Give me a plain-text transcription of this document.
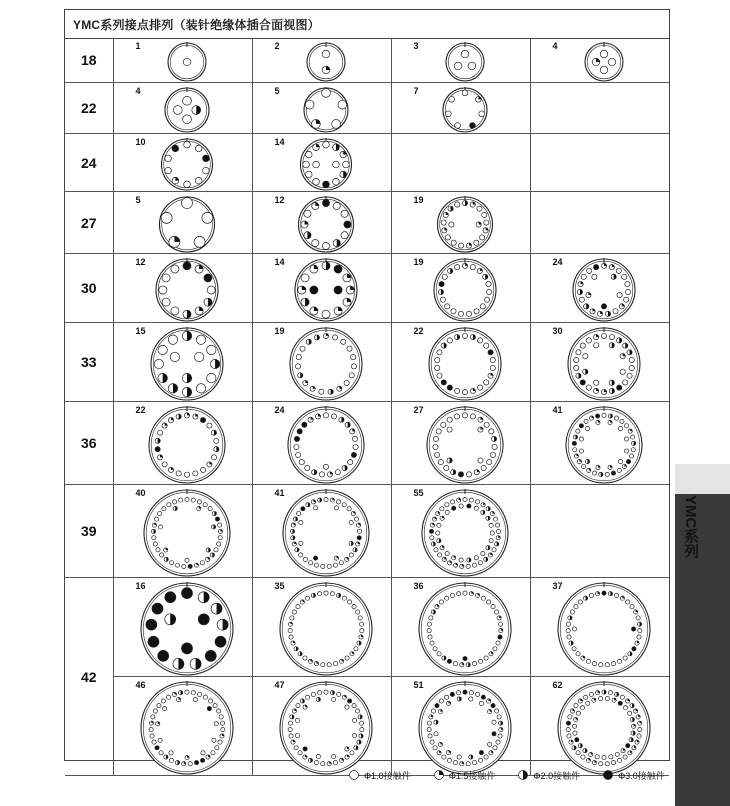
YMC系列接点排列（装针绝缘体插合面视图）
18	1	2	3	4

22	4	5	7	

24	10	14		

27	5	12	19	

30	12	14	19	24

33	15	19	22	30

36	22	24	27	41

39	40	41	55	

42	16	35	36	37

	46	47	51	62
YMC系列
Φ1.0接触件	Φ1.5接触件	Φ2.0接触件	Φ3.0接触件
